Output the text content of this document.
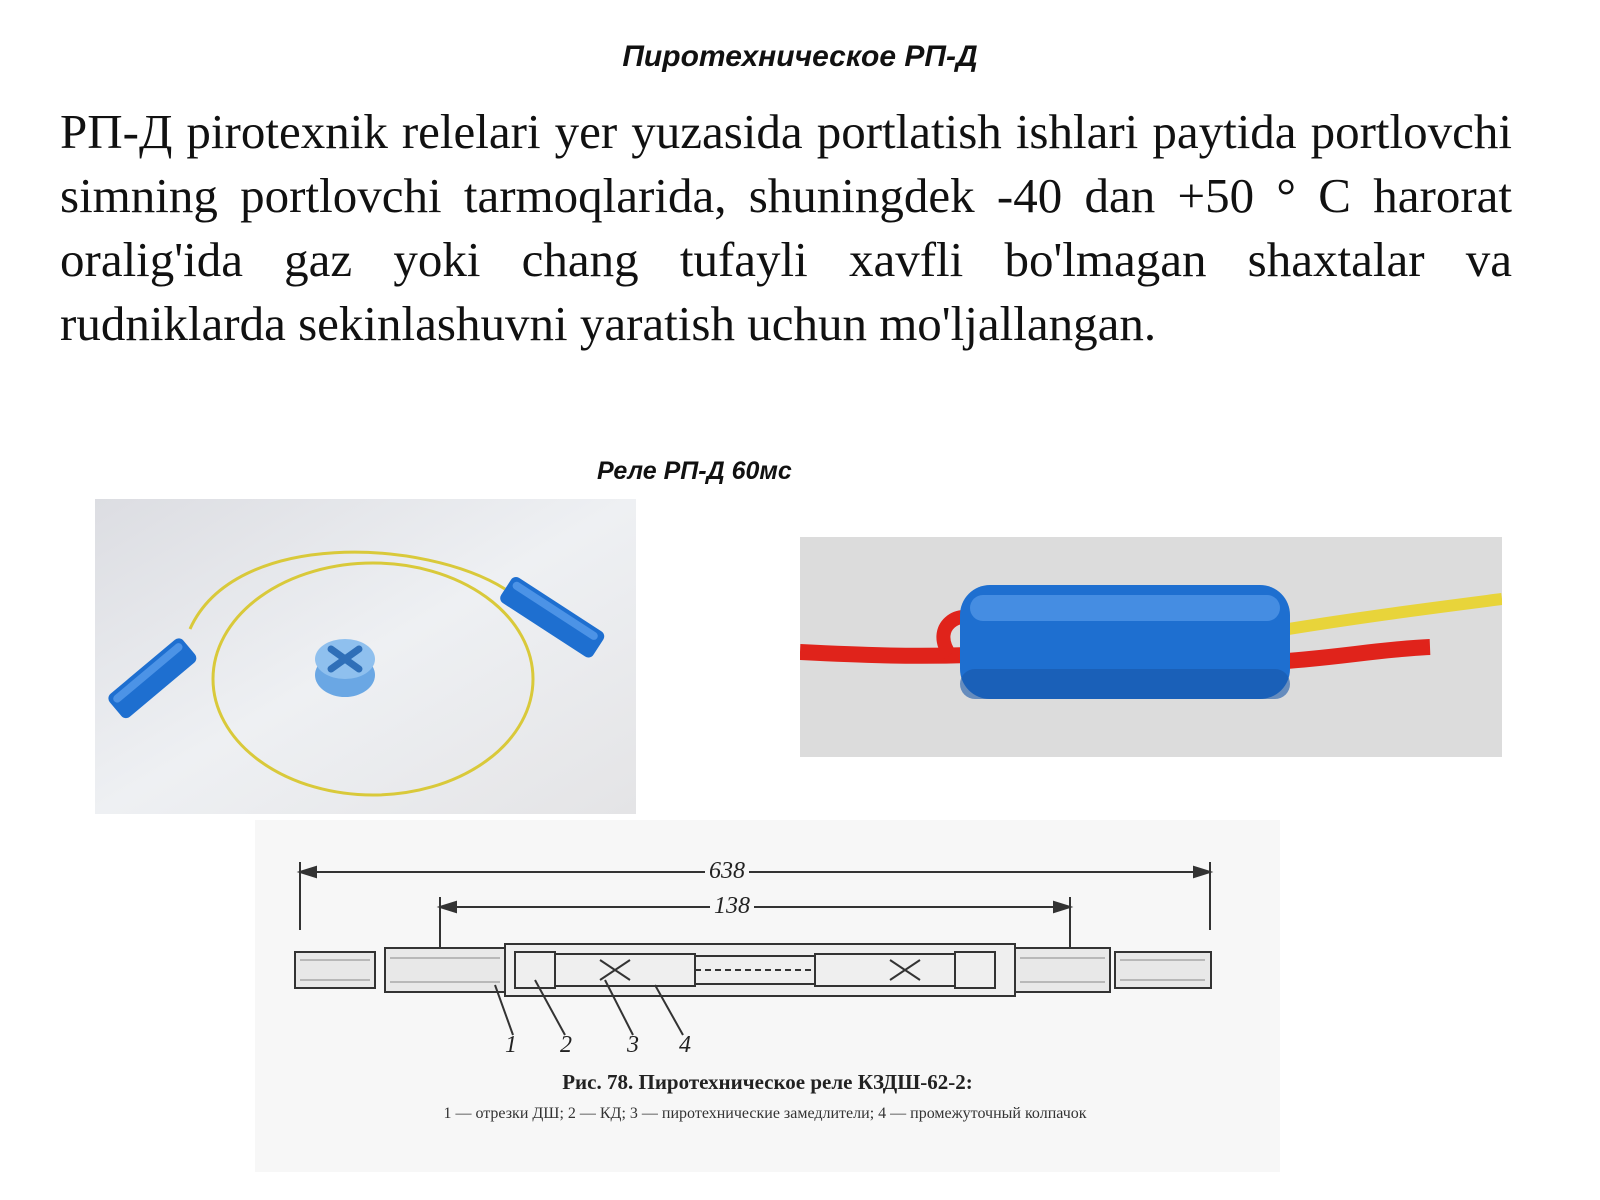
Пиротехническое РП-Д

РП-Д pirotexnik relelari yer yuzasida portlatish ishlari paytida portlovchi simning portlovchi tarmoqlarida, shuningdek -40 dan +50 ° C harorat oralig'ida gaz yoki chang tufayli xavfli bo'lmagan shaxtalar va rudniklarda sekinlashuvni yaratish uchun mo'ljallangan.

Реле РП-Д 60мс
638
138
1 2 3 4
Рис. 78. Пиротехническое реле КЗДШ-62-2:
1 — отрезки ДШ; 2 — КД; 3 — пиротехнические замедлители; 4 — промежуточный колпачок
